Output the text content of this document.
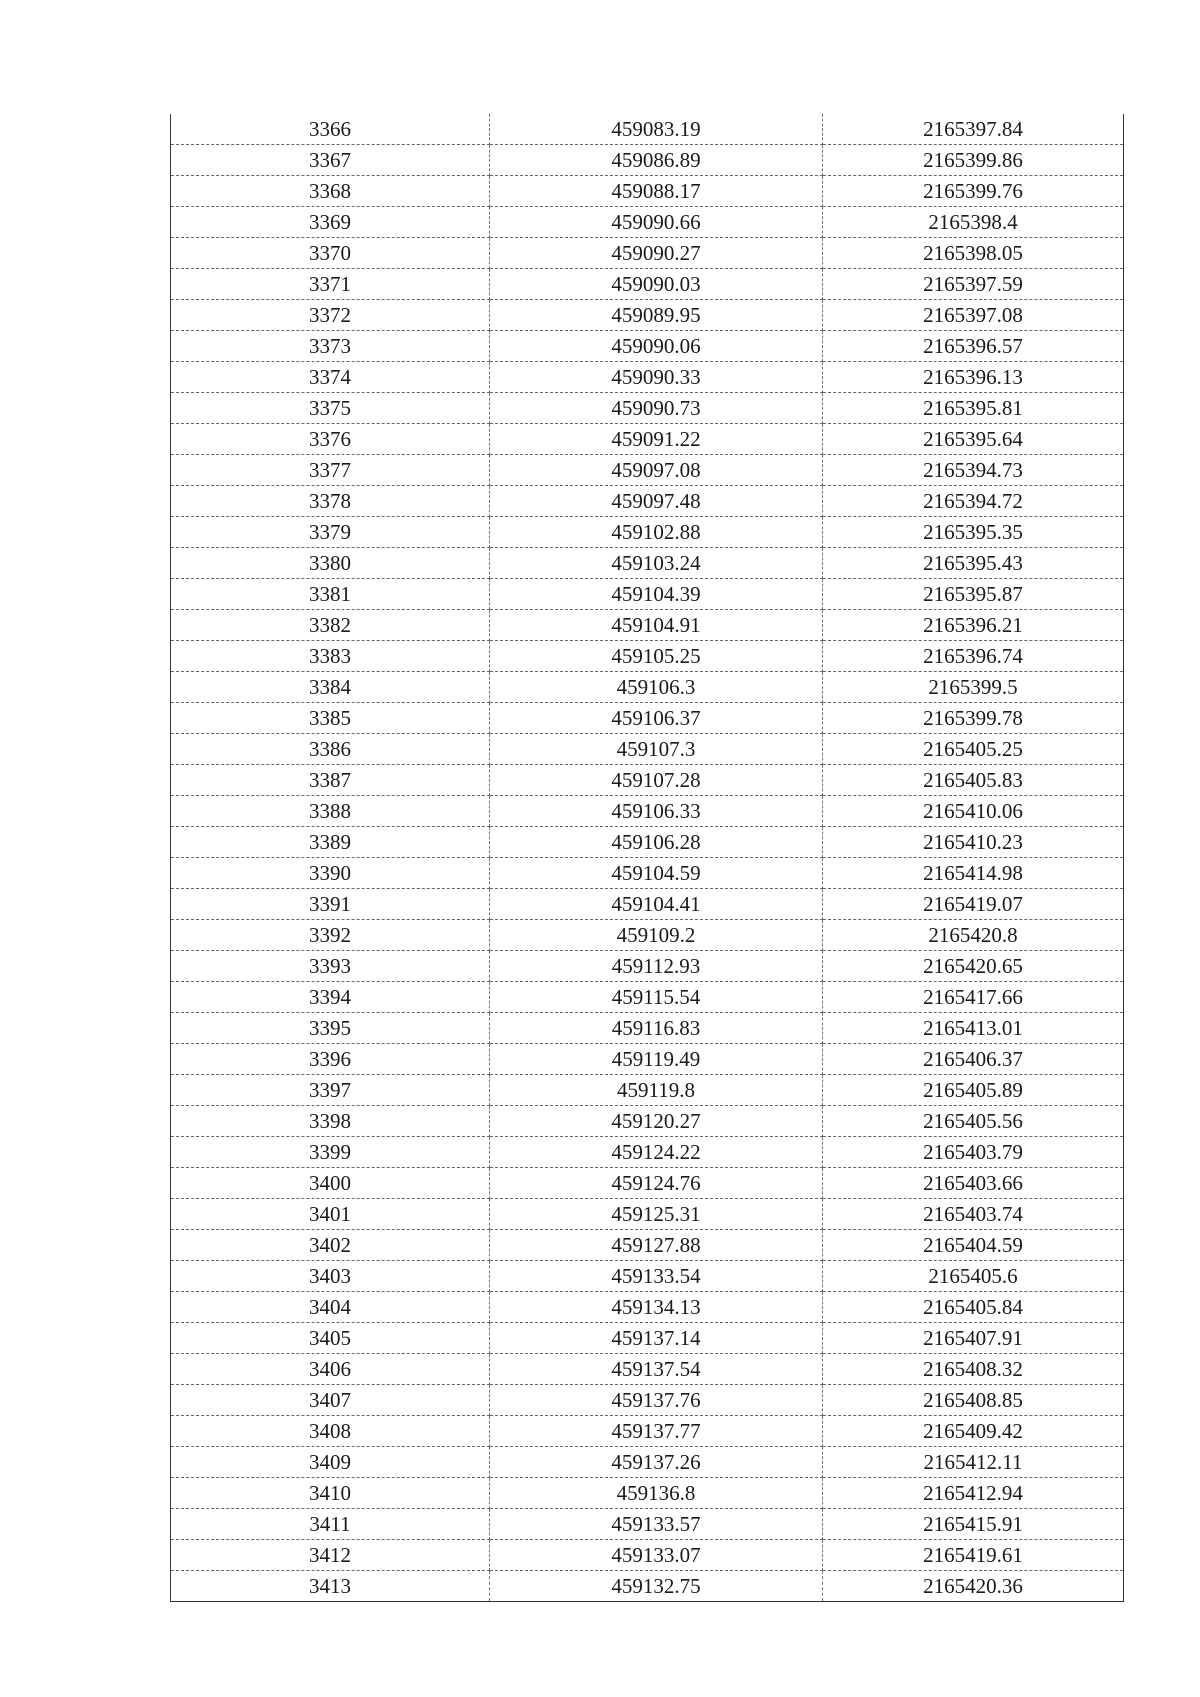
3366	459083.19	2165397.84
3367	459086.89	2165399.86
3368	459088.17	2165399.76
3369	459090.66	2165398.4
3370	459090.27	2165398.05
3371	459090.03	2165397.59
3372	459089.95	2165397.08
3373	459090.06	2165396.57
3374	459090.33	2165396.13
3375	459090.73	2165395.81
3376	459091.22	2165395.64
3377	459097.08	2165394.73
3378	459097.48	2165394.72
3379	459102.88	2165395.35
3380	459103.24	2165395.43
3381	459104.39	2165395.87
3382	459104.91	2165396.21
3383	459105.25	2165396.74
3384	459106.3	2165399.5
3385	459106.37	2165399.78
3386	459107.3	2165405.25
3387	459107.28	2165405.83
3388	459106.33	2165410.06
3389	459106.28	2165410.23
3390	459104.59	2165414.98
3391	459104.41	2165419.07
3392	459109.2	2165420.8
3393	459112.93	2165420.65
3394	459115.54	2165417.66
3395	459116.83	2165413.01
3396	459119.49	2165406.37
3397	459119.8	2165405.89
3398	459120.27	2165405.56
3399	459124.22	2165403.79
3400	459124.76	2165403.66
3401	459125.31	2165403.74
3402	459127.88	2165404.59
3403	459133.54	2165405.6
3404	459134.13	2165405.84
3405	459137.14	2165407.91
3406	459137.54	2165408.32
3407	459137.76	2165408.85
3408	459137.77	2165409.42
3409	459137.26	2165412.11
3410	459136.8	2165412.94
3411	459133.57	2165415.91
3412	459133.07	2165419.61
3413	459132.75	2165420.36
